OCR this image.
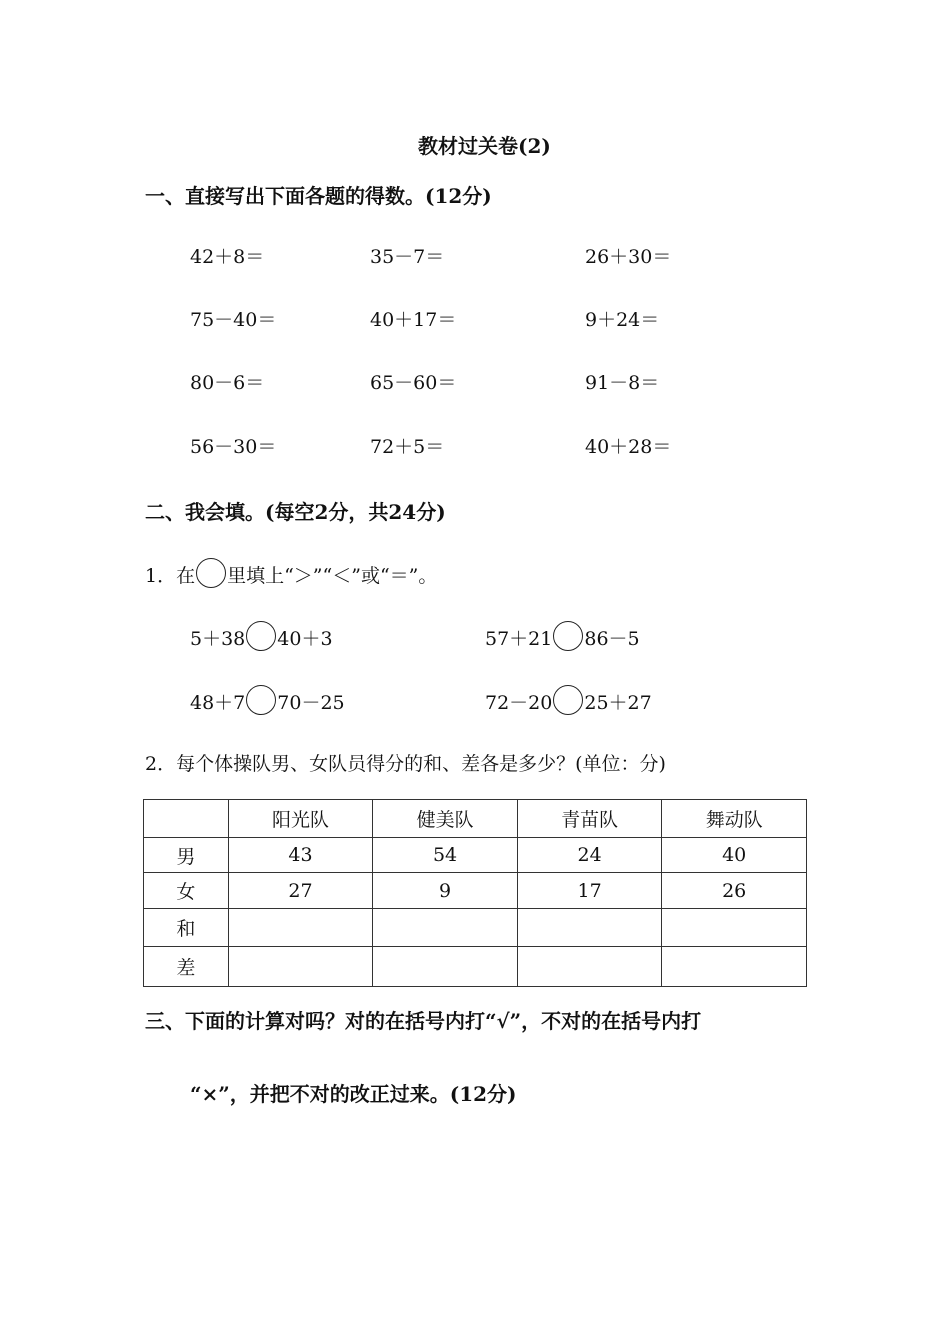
教材过关卷(2)
一、直接写出下面各题的得数。(12分)
42＋8＝	35－7＝	26＋30＝
75－40＝	40＋17＝	9＋24＝
80－6＝	65－60＝	91－8＝
56－30＝	72＋5＝	40＋28＝
二、我会填。(每空2分，共24分)
1．在 里填上“＞”“＜”或“＝”。
5＋38 40＋3	57＋21 86－5
48＋7 70－25	72－20 25＋27
2．每个体操队男、女队员得分的和、差各是多少？(单位：分)
	阳光队	健美队	青苗队	舞动队
男	43	54	24	40
女	27	9	17	26
和				
差				
三、下面的计算对吗？对的在括号内打“√”，不对的在括号内打
“×”，并把不对的改正过来。(12分)
